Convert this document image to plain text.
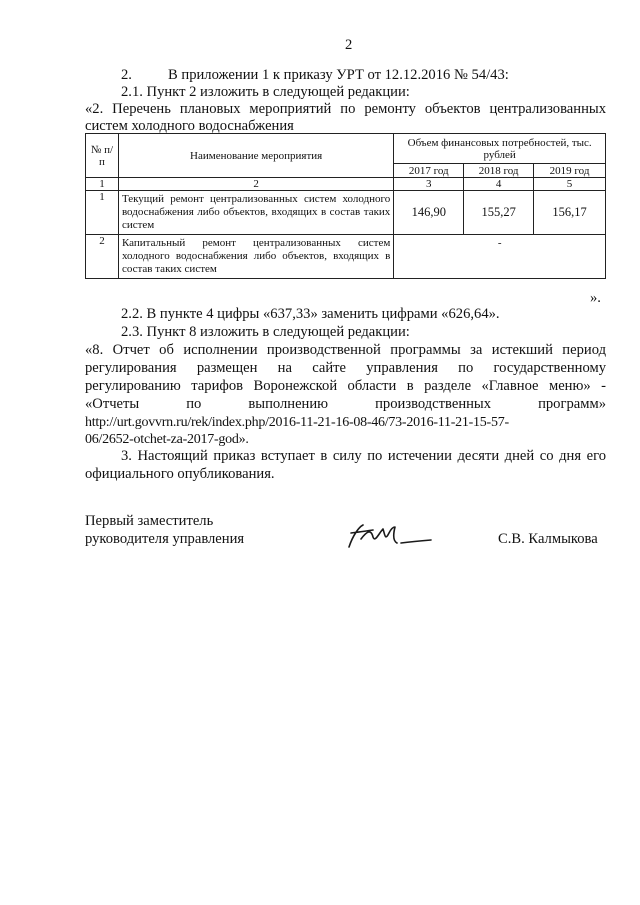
2
2. В приложении 1 к приказу УРТ от 12.12.2016 № 54/43:
2.1. Пункт 2 изложить в следующей редакции:
«2. Перечень плановых мероприятий по ремонту объектов централизованных
систем холодного водоснабжения
№ п/п	Наименование мероприятия	Объем финансовых потребностей, тыс. рублей		
		2017 год	2018 год	2019 год
1	2	3	4	5
1	Текущий ремонт централизованных систем холодного водоснабжения либо объектов, входящих в состав таких систем	146,90	155,27	156,17
2	Капитальный ремонт централизованных систем холодного водоснабжения либо объектов, входящих в состав таких систем	-		
».
2.2. В пункте 4 цифры «637,33» заменить цифрами «626,64».
2.3. Пункт 8 изложить в следующей редакции:
«8. Отчет об исполнении производственной программы за истекший период
регулирования размещен на сайте управления по государственному
регулированию тарифов Воронежской области в разделе «Главное меню» -
«Отчеты по выполнению производственных программ»
http://urt.govvrn.ru/rek/index.php/2016-11-21-16-08-46/73-2016-11-21-15-57-
06/2652-otchet-za-2017-god».
3. Настоящий приказ вступает в силу по истечении десяти дней со дня его
официального опубликования.
Первый заместитель
руководителя управления	С.В. Калмыкова
